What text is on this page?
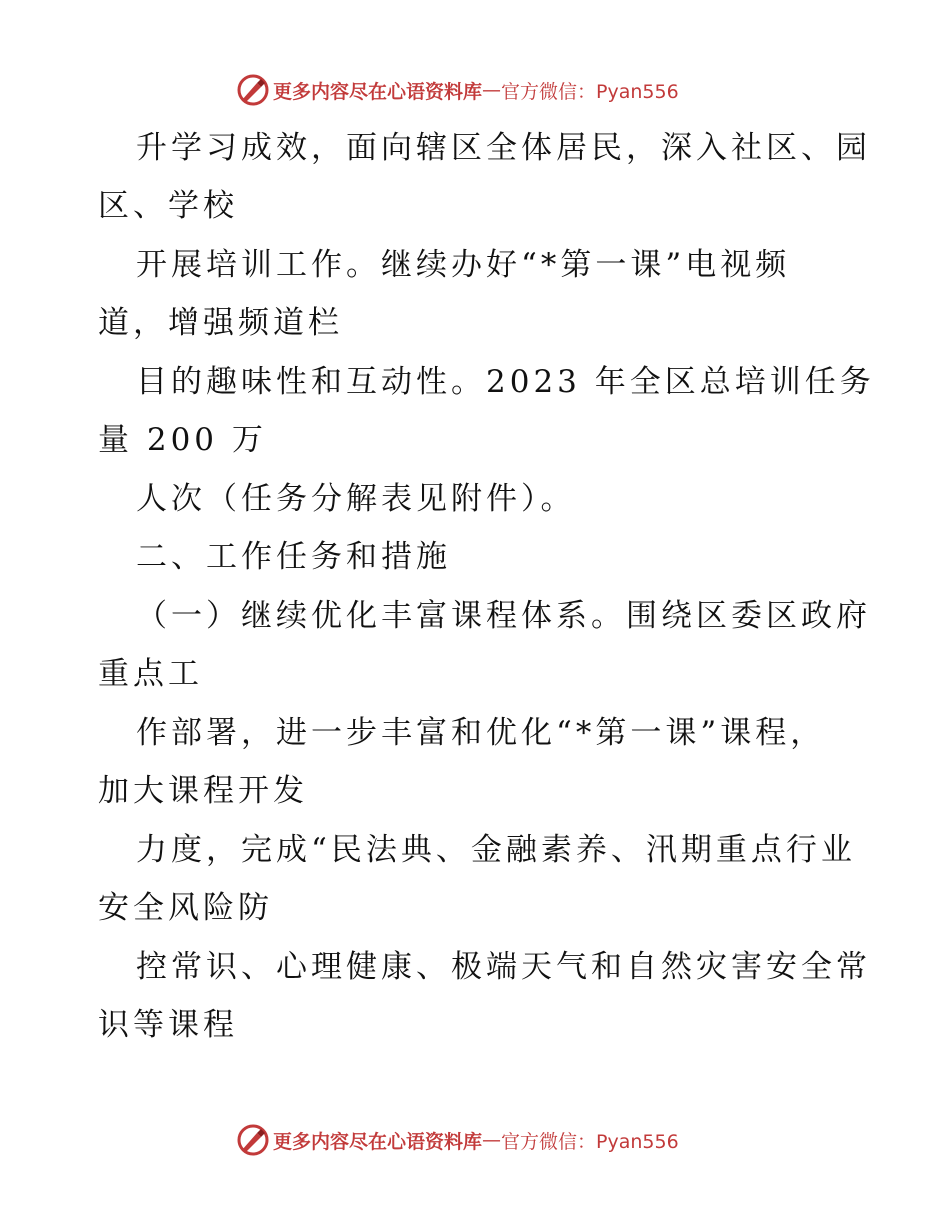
更多内容尽在心语资料库 — 官方微信：Pyan556
升学习成效，面向辖区全体居民，深入社区、园
区、学校
开展培训工作。继续办好“*第一课”电视频
道，增强频道栏
目的趣味性和互动性。2023 年全区总培训任务
量 200 万
人次（任务分解表见附件）。
二、工作任务和措施
（一）继续优化丰富课程体系。围绕区委区政府
重点工
作部署，进一步丰富和优化“*第一课”课程，
加大课程开发
力度，完成“民法典、金融素养、汛期重点行业
安全风险防
控常识、心理健康、极端天气和自然灾害安全常
识等课程
更多内容尽在心语资料库 — 官方微信：Pyan556
